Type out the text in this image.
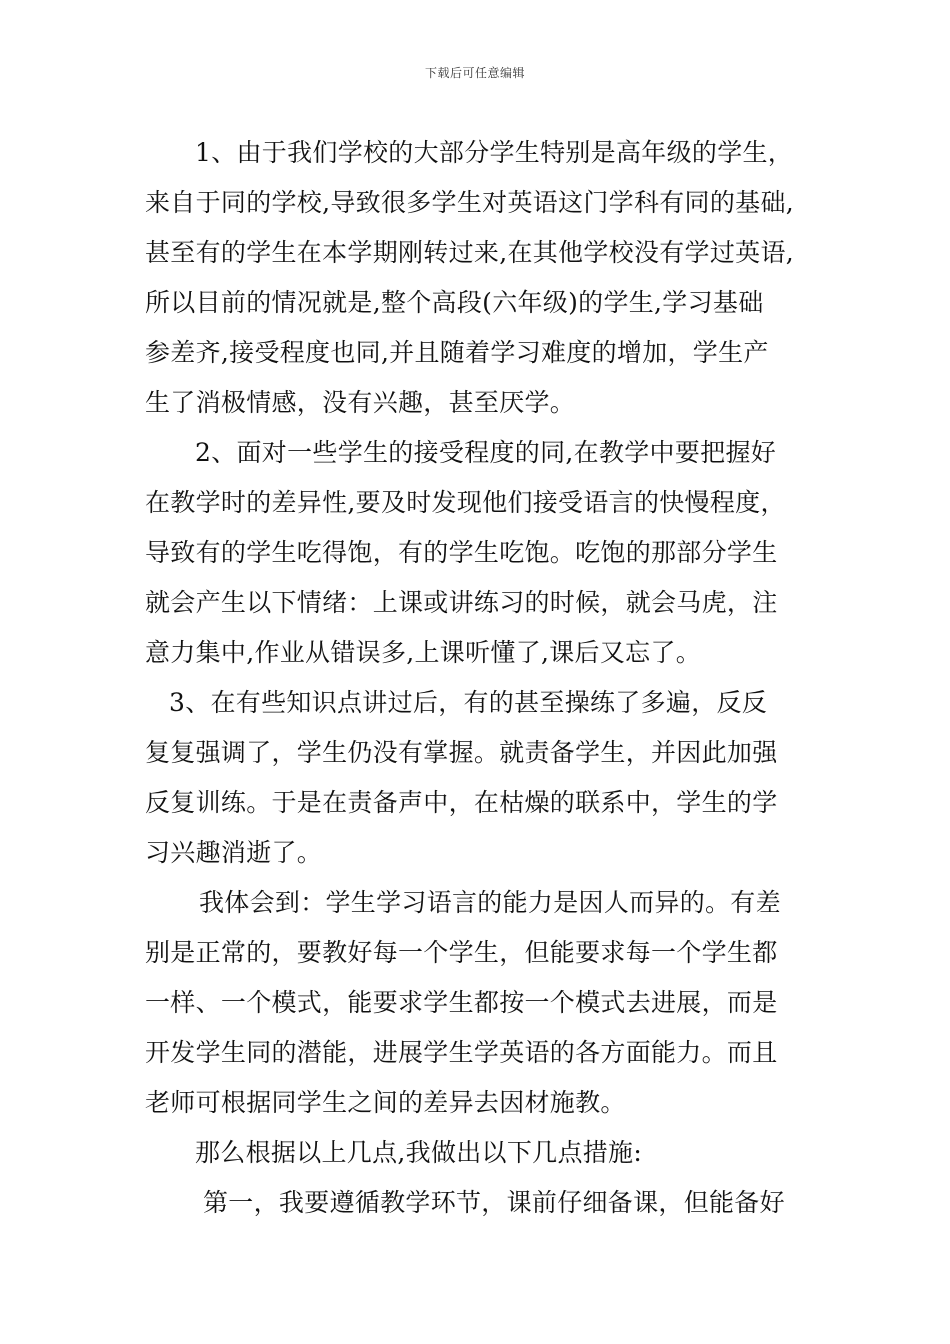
下载后可任意编辑
1、由于我们学校的大部分学生特别是高年级的学生，
来自于同的学校,导致很多学生对英语这门学科有同的基础,
甚至有的学生在本学期刚转过来,在其他学校没有学过英语,
所以目前的情况就是,整个高段(六年级)的学生,学习基础
参差齐,接受程度也同,并且随着学习难度的增加，学生产
生了消极情感，没有兴趣，甚至厌学。
2、面对一些学生的接受程度的同,在教学中要把握好
在教学时的差异性,要及时发现他们接受语言的快慢程度，
导致有的学生吃得饱，有的学生吃饱。吃饱的那部分学生
就会产生以下情绪：上课或讲练习的时候，就会马虎，注
意力集中,作业从错误多,上课听懂了,课后又忘了。
3、在有些知识点讲过后，有的甚至操练了多遍，反反
复复强调了，学生仍没有掌握。就责备学生，并因此加强
反复训练。于是在责备声中，在枯燥的联系中，学生的学
习兴趣消逝了。
我体会到：学生学习语言的能力是因人而异的。有差
别是正常的，要教好每一个学生，但能要求每一个学生都
一样、一个模式，能要求学生都按一个模式去进展，而是
开发学生同的潜能，进展学生学英语的各方面能力。而且
老师可根据同学生之间的差异去因材施教。
那么根据以上几点,我做出以下几点措施:
第一，我要遵循教学环节，课前仔细备课，但能备好
